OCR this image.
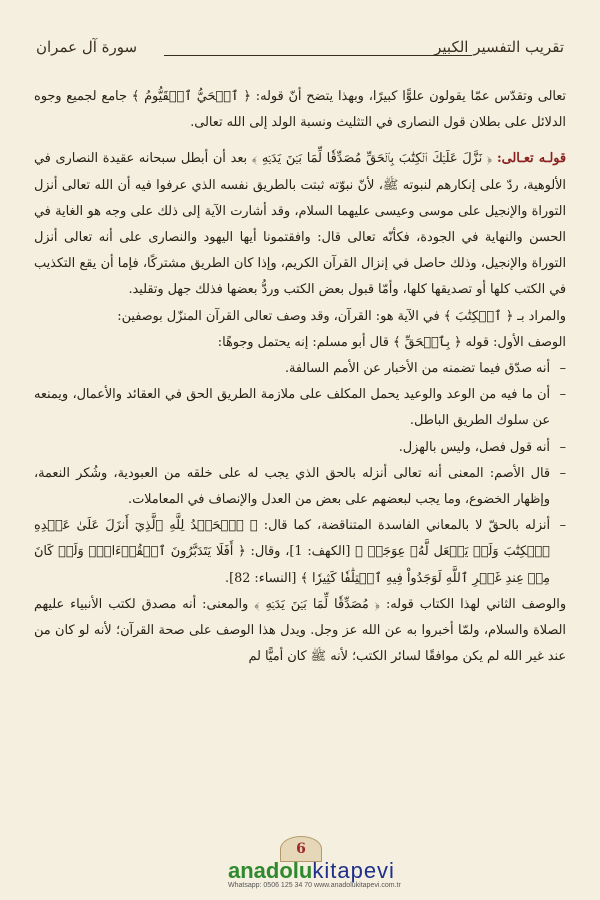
تقريب التفسير الكبير
سورة آل عمران

تعالى وتقدّس عمّا يقولون علوًّا كبيرًا، وبهذا يتضح أنّ قوله: ﴿ ٱلۡحَيُّ ٱلۡقَيُّومُ ﴾ جامع لجميع وجوه الدلائل على بطلان قول النصارى في التثليث ونسبة الولد إلى الله تعالى.

قولـه تعـالى: ﴿ نَزَّلَ عَلَيۡكَ ٱلۡكِتَٰبَ بِٱلۡحَقِّ مُصَدِّقٗا لِّمَا بَيۡنَ يَدَيۡهِ ﴾ بعد أن أبطل سبحانه عقيدة النصارى في الألوهية، ردّ على إنكارهم لنبوته ﷺ، لأنّ نبوّته ثبتت بالطريق نفسه الذي عرفوا فيه أن الله تعالى أنزل التوراة والإنجيل على موسى وعيسى عليهما السلام، وقد أشارت الآية إلى ذلك على وجه هو الغاية في الحسن والنهاية في الجودة، فكأنّه تعالى قال: وافقتمونا أيها اليهود والنصارى على أنه تعالى أنزل التوراة والإنجيل، وذلك حاصل في إنزال القرآن الكريم، وإذا كان الطريق مشتركًا، فإما أن يقع التكذيب في الكتب كلها أو تصديقها كلها، وأمّا قبول بعض الكتب وردُّ بعضها فذلك جهل وتقليد.

والمراد بـ ﴿ ٱلۡكِتَٰبَ ﴾ في الآية هو: القرآن، وقد وصف تعالى القرآن المنزّل بوصفين:

الوصف الأول: قوله ﴿ بِٱلۡحَقِّ ﴾ قال أبو مسلم: إنه يحتمل وجوهًا:

– أنه صدّق فيما تضمنه من الأخبار عن الأمم السالفة.

– أن ما فيه من الوعد والوعيد يحمل المكلف على ملازمة الطريق الحق في العقائد والأعمال، ويمنعه عن سلوك الطريق الباطل.

– أنه قول فصل، وليس بالهزل.

– قال الأصم: المعنى أنه تعالى أنزله بالحق الذي يجب له على خلقه من العبودية، وشُكر النعمة، وإظهار الخضوع، وما يجب لبعضهم على بعض من العدل والإنصاف في المعاملات.

– أنزله بالحقّ لا بالمعاني الفاسدة المتناقضة، كما قال: ﴿ ٱلۡحَمۡدُ لِلَّهِ ٱلَّذِيٓ أَنزَلَ عَلَىٰ عَبۡدِهِ ٱلۡكِتَٰبَ وَلَمۡ يَجۡعَل لَّهُۥ عِوَجَاۜ ﴾ [الكهف: 1]، وقال: ﴿ أَفَلَا يَتَدَبَّرُونَ ٱلۡقُرۡءَانَۚ وَلَوۡ كَانَ مِنۡ عِندِ غَيۡرِ ٱللَّهِ لَوَجَدُواْ فِيهِ ٱخۡتِلَٰفٗا كَثِيرٗا ﴾ [النساء: 82].

والوصف الثاني لهذا الكتاب قوله: ﴿ مُصَدِّقٗا لِّمَا بَيۡنَ يَدَيۡهِ ﴾ والمعنى: أنه مصدق لكتب الأنبياء عليهم الصلاة والسلام، ولمّا أخبروا به عن الله عز وجل. ويدل هذا الوصف على صحة القرآن؛ لأنه لو كان من عند غير الله لم يكن موافقًا لسائر الكتب؛ لأنه ﷺ كان أميًّا لم

6
anadolukitapevi
Whatsapp: 0506 125 34 70 www.anadolukitapevi.com.tr
